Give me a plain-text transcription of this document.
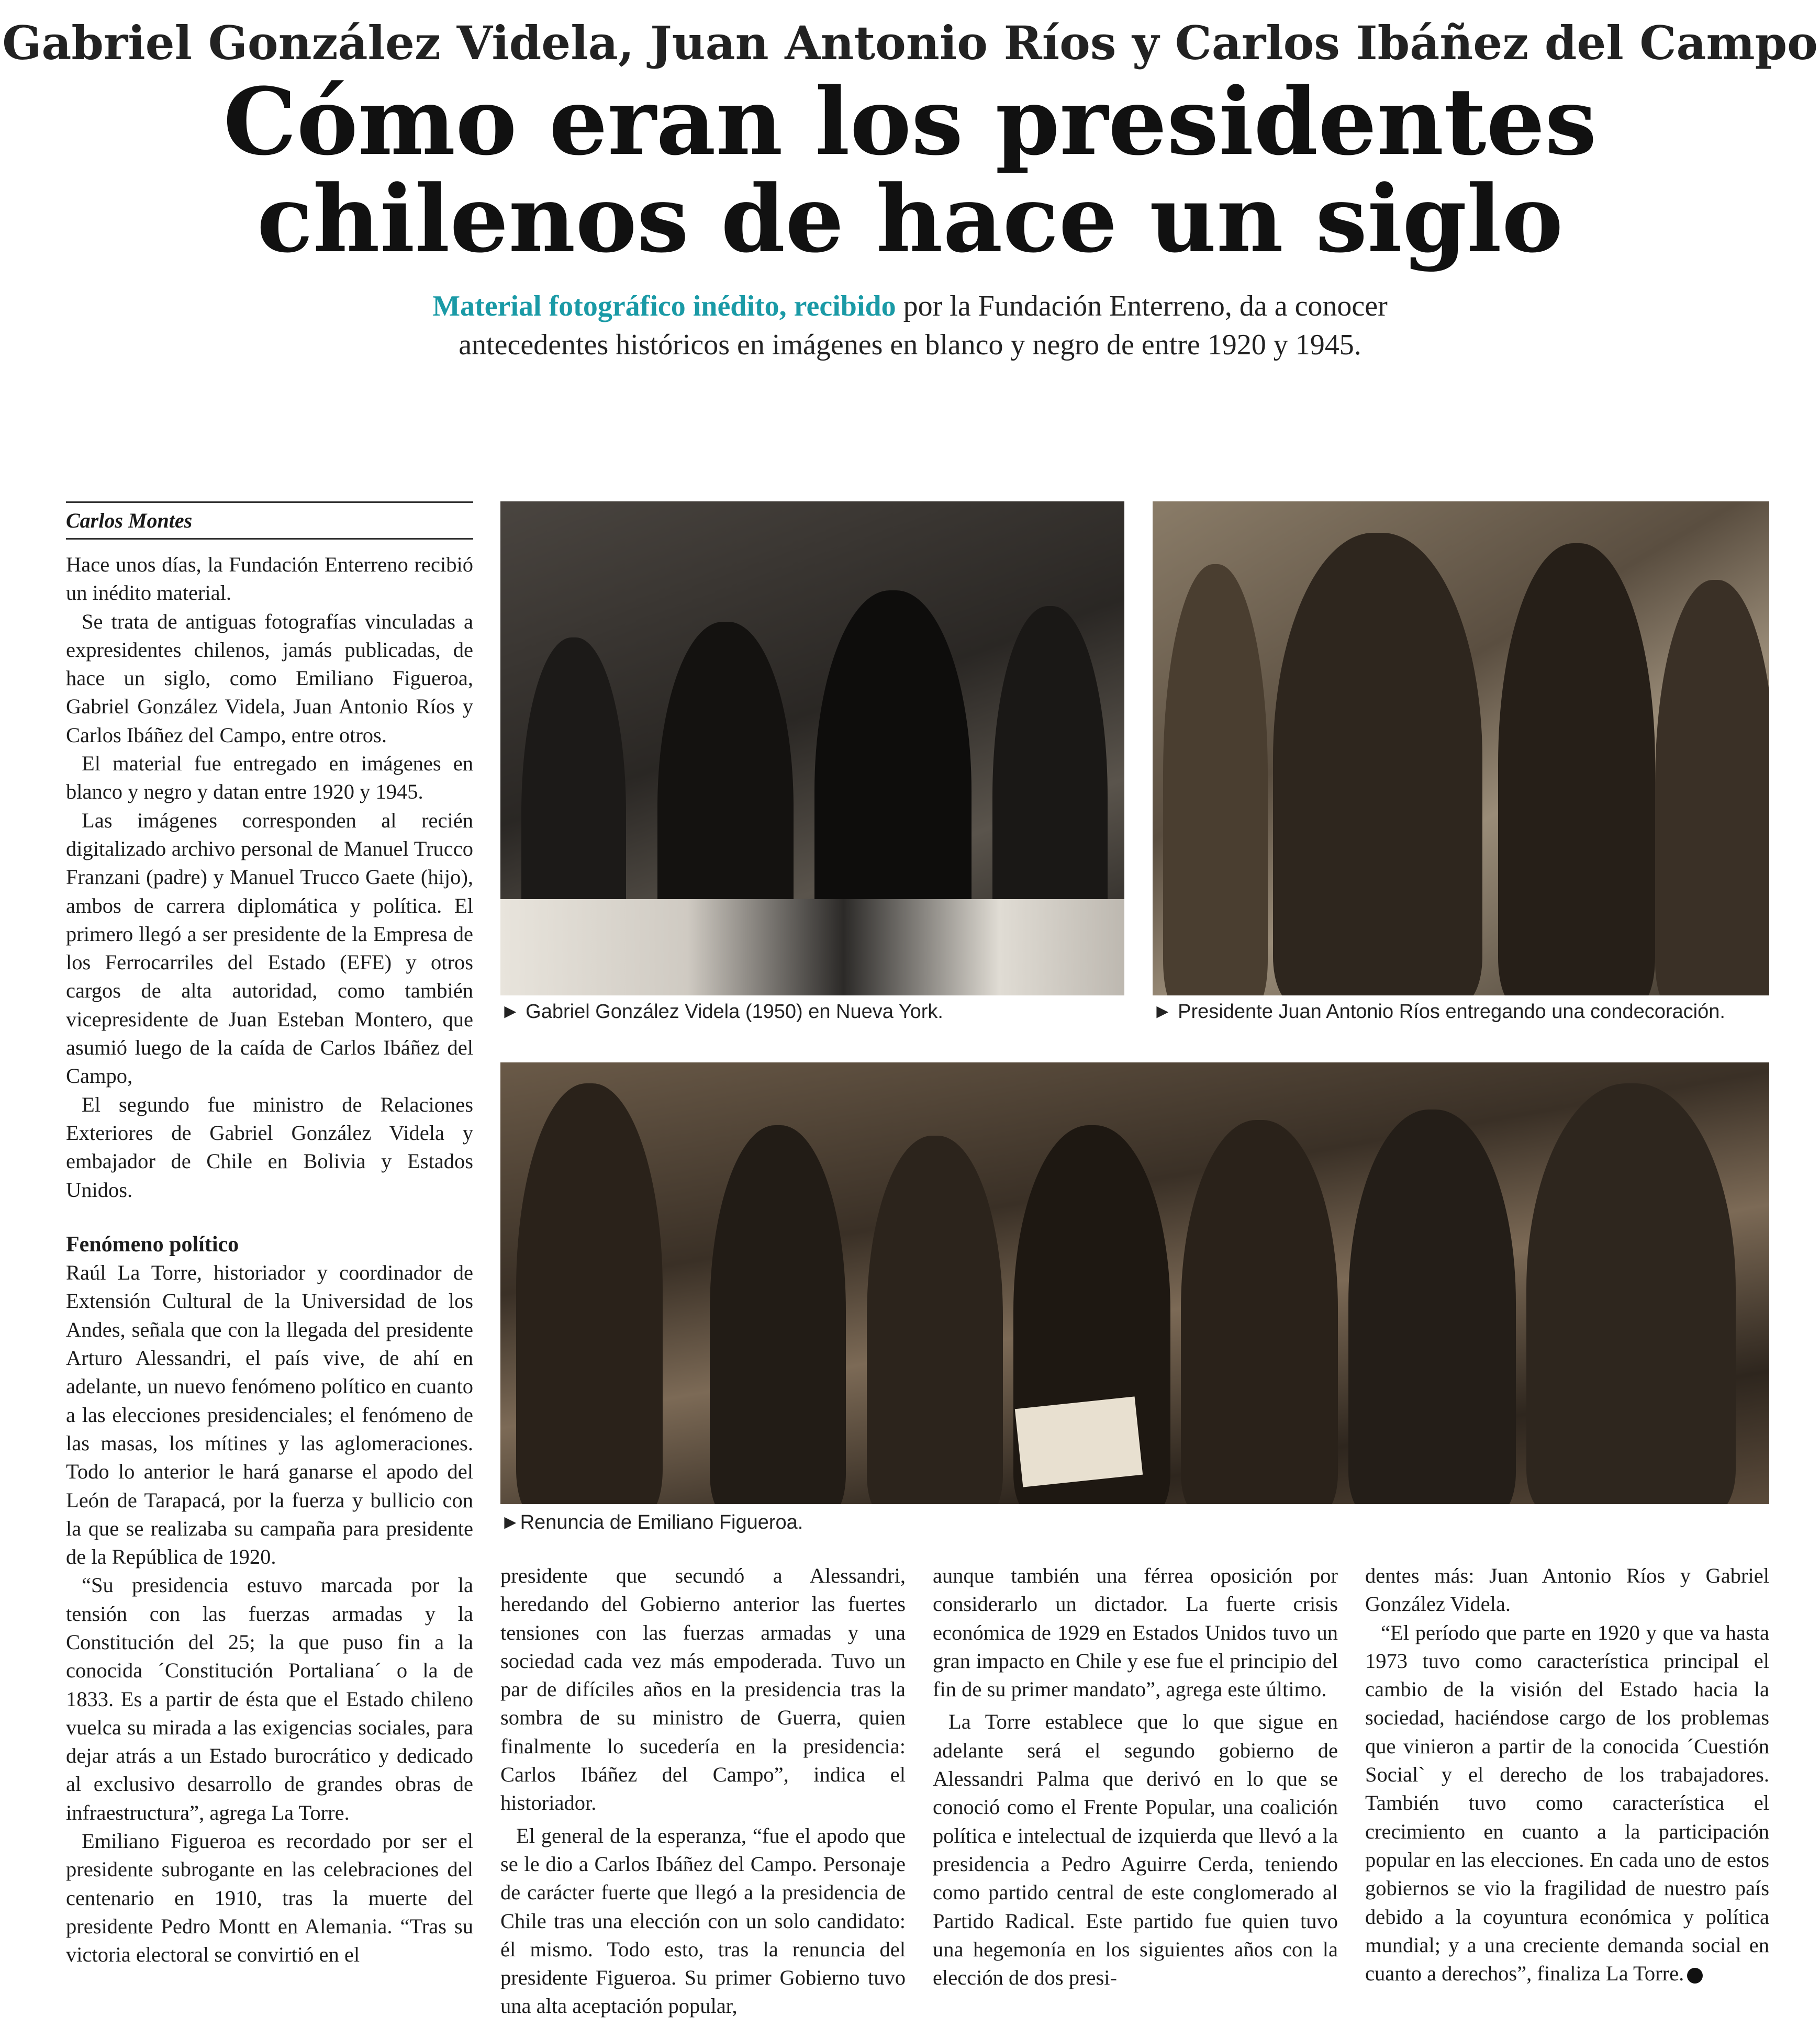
Gabriel González Videla, Juan Antonio Ríos y Carlos Ibáñez del Campo
Cómo eran los presidentes
chilenos de hace un siglo
Material fotográfico inédito, recibido por la Fundación Enterreno, da a conocer
antecedentes históricos en imágenes en blanco y negro de entre 1920 y 1945.
Carlos Montes

Hace unos días, la Fundación Enterreno recibió un inédito material.

Se trata de antiguas fotografías vinculadas a expresidentes chilenos, jamás publicadas, de hace un siglo, como Emiliano Figueroa, Gabriel González Videla, Juan Antonio Ríos y Carlos Ibáñez del Campo, entre otros.

El material fue entregado en imágenes en blanco y negro y datan entre 1920 y 1945.

Las imágenes corresponden al recién digitalizado archivo personal de Manuel Trucco Franzani (padre) y Manuel Trucco Gaete (hijo), ambos de carrera diplomática y política. El primero llegó a ser presidente de la Empresa de los Ferrocarriles del Estado (EFE) y otros cargos de alta autoridad, como también vicepresidente de Juan Esteban Montero, que asumió luego de la caída de Carlos Ibáñez del Campo,

El segundo fue ministro de Relaciones Exteriores de Gabriel González Videla y embajador de Chile en Bolivia y Estados Unidos.

Fenómeno político

Raúl La Torre, historiador y coordinador de Extensión Cultural de la Universidad de los Andes, señala que con la llegada del presidente Arturo Alessandri, el país vive, de ahí en adelante, un nuevo fenómeno político en cuanto a las elecciones presidenciales; el fenómeno de las masas, los mítines y las aglomeraciones. Todo lo anterior le hará ganarse el apodo del León de Tarapacá, por la fuerza y bullicio con la que se realizaba su campaña para presidente de la República de 1920.

“Su presidencia estuvo marcada por la tensión con las fuerzas armadas y la Constitución del 25; la que puso fin a la conocida ´Constitución Portaliana´ o la de 1833. Es a partir de ésta que el Estado chileno vuelca su mirada a las exigencias sociales, para dejar atrás a un Estado burocrático y dedicado al exclusivo desarrollo de grandes obras de infraestructura”, agrega La Torre.

Emiliano Figueroa es recordado por ser el presidente subrogante en las celebraciones del centenario en 1910, tras la muerte del presidente Pedro Montt en Alemania. “Tras su victoria electoral se convirtió en el

► Gabriel González Videla (1950) en Nueva York.	► Presidente Juan Antonio Ríos entregando una condecoración.
►Renuncia de Emiliano Figueroa.

presidente que secundó a Alessandri, heredando del Gobierno anterior las fuertes tensiones con las fuerzas armadas y una sociedad cada vez más empoderada. Tuvo un par de difíciles años en la presidencia tras la sombra de su ministro de Guerra, quien finalmente lo sucedería en la presidencia: Carlos Ibáñez del Campo”, indica el historiador.

El general de la esperanza, “fue el apodo que se le dio a Carlos Ibáñez del Campo. Personaje de carácter fuerte que llegó a la presidencia de Chile tras una elección con un solo candidato: él mismo. Todo esto, tras la renuncia del presidente Figueroa. Su primer Gobierno tuvo una alta aceptación popular,

aunque también una férrea oposición por considerarlo un dictador. La fuerte crisis económica de 1929 en Estados Unidos tuvo un gran impacto en Chile y ese fue el principio del fin de su primer mandato”, agrega este último.

La Torre establece que lo que sigue en adelante será el segundo gobierno de Alessandri Palma que derivó en lo que se conoció como el Frente Popular, una coalición política e intelectual de izquierda que llevó a la presidencia a Pedro Aguirre Cerda, teniendo como partido central de este conglomerado al Partido Radical. Este partido fue quien tuvo una hegemonía en los siguientes años con la elección de dos presi-

dentes más: Juan Antonio Ríos y Gabriel González Videla.

“El período que parte en 1920 y que va hasta 1973 tuvo como característica principal el cambio de la visión del Estado hacia la sociedad, haciéndose cargo de los problemas que vinieron a partir de la conocida ´Cuestión Social` y el derecho de los trabajadores. También tuvo como característica el crecimiento en cuanto a la participación popular en las elecciones. En cada uno de estos gobiernos se vio la fragilidad de nuestro país debido a la coyuntura económica y política mundial; y a una creciente demanda social en cuanto a derechos”, finaliza La Torre.
